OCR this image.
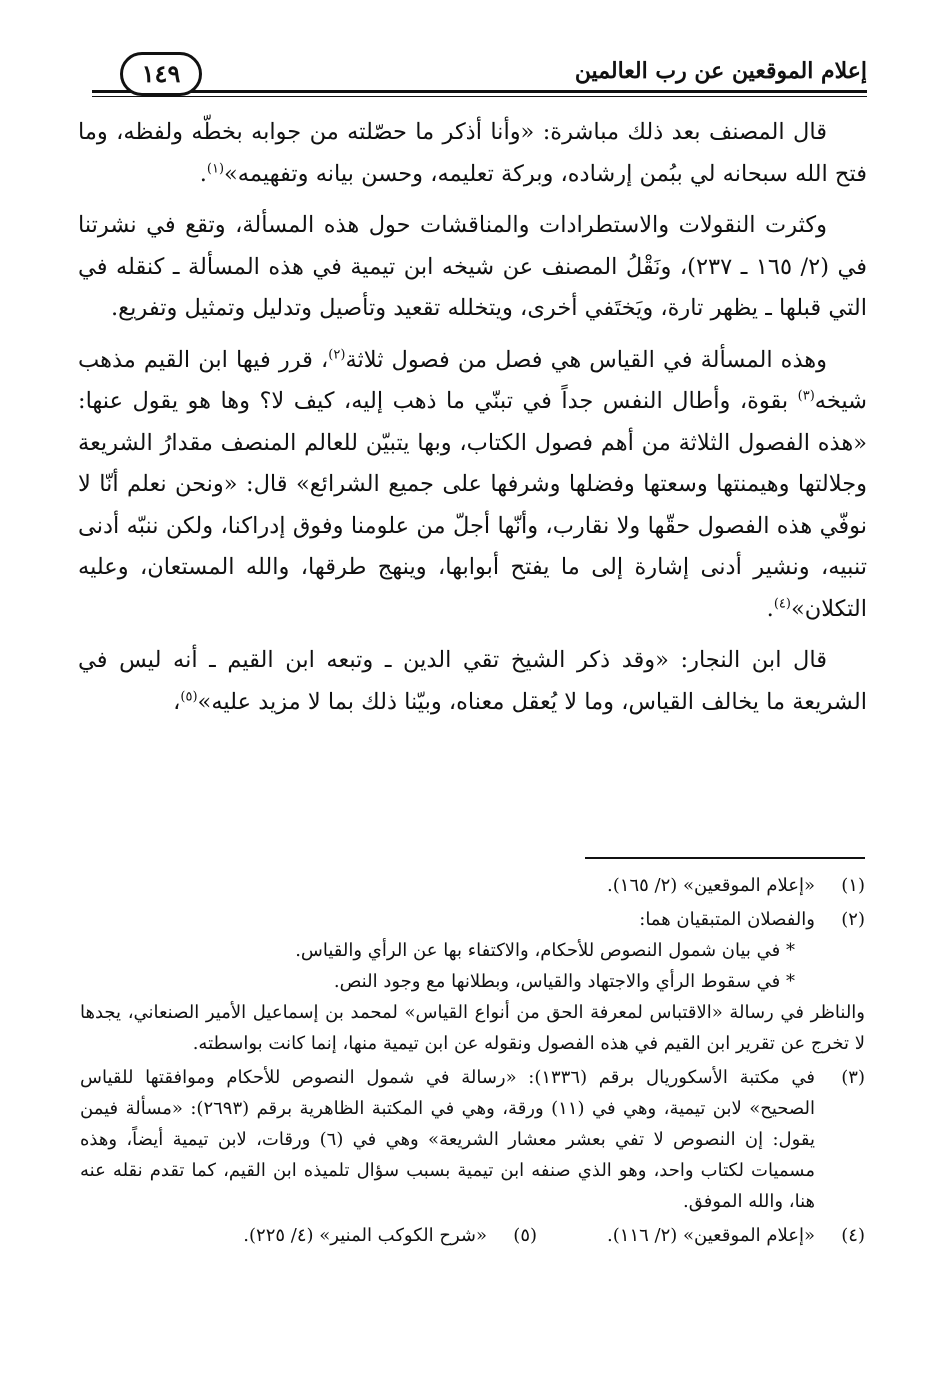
إعلام الموقعين عن رب العالمين
١٤٩

قال المصنف بعد ذلك مباشرة: «وأنا أذكر ما حصّلته من جوابه بخطّه ولفظه، وما فتح الله سبحانه لي ببُمن إرشاده، وبركة تعليمه، وحسن بيانه وتفهيمه»$^{(١)}$.

وكثرت النقولات والاستطرادات والمناقشات حول هذه المسألة، وتقع في نشرتنا في (٢/ ١٦٥ ـ ٢٣٧)، ونَقْلُ المصنف عن شيخه ابن تيمية في هذه المسألة ـ كنقله في التي قبلها ـ يظهر تارة، ويَختَفي أخرى، ويتخلله تقعيد وتأصيل وتدليل وتمثيل وتفريع.

وهذه المسألة في القياس هي فصل من فصول ثلاثة$^{(٢)}$، قرر فيها ابن القيم مذهب شيخه$^{(٣)}$ بقوة، وأطال النفس جداً في تبنّي ما ذهب إليه، كيف لا؟ وها هو يقول عنها: «هذه الفصول الثلاثة من أهم فصول الكتاب، وبها يتبيّن للعالم المنصف مقدارُ الشريعة وجلالتها وهيمنتها وسعتها وفضلها وشرفها على جميع الشرائع» قال: «ونحن نعلم أنّا لا نوفّي هذه الفصول حقّها ولا نقارب، وأنّها أجلّ من علومنا وفوق إدراكنا، ولكن ننبّه أدنى تنبيه، ونشير أدنى إشارة إلى ما يفتح أبوابها، وينهج طرقها، والله المستعان، وعليه التكلان»$^{(٤)}$.

قال ابن النجار: «وقد ذكر الشيخ تقي الدين ـ وتبعه ابن القيم ـ أنه ليس في الشريعة ما يخالف القياس، وما لا يُعقل معناه، وبيّنا ذلك بما لا مزيد عليه»$^{(٥)}$،

(١)
«إعلام الموقعين» (٢/ ١٦٥).
(٢)
والفصلان المتبقيان هما:
* في بيان شمول النصوص للأحكام، والاكتفاء بها عن الرأي والقياس.
* في سقوط الرأي والاجتهاد والقياس، وبطلانها مع وجود النص.
والناظر في رسالة «الاقتباس لمعرفة الحق من أنواع القياس» لمحمد بن إسماعيل الأمير الصنعاني، يجدها لا تخرج عن تقرير ابن القيم في هذه الفصول ونقوله عن ابن تيمية منها، إنما كانت بواسطته.
(٣)
في مكتبة الأسكوريال برقم (١٣٣٦): «رسالة في شمول النصوص للأحكام وموافقتها للقياس الصحيح» لابن تيمية، وهي في (١١) ورقة، وهي في المكتبة الظاهرية برقم (٢٦٩٣): «مسألة فيمن يقول: إن النصوص لا تفي بعشر معشار الشريعة» وهي في (٦) ورقات، لابن تيمية أيضاً، وهذه مسميات لكتاب واحد، وهو الذي صنفه ابن تيمية بسبب سؤال تلميذه ابن القيم، كما تقدم نقله عنه هنا، والله الموفق.
(٤)
«إعلام الموقعين» (٢/ ١١٦).
(٥)
«شرح الكوكب المنير» (٤/ ٢٢٥).
